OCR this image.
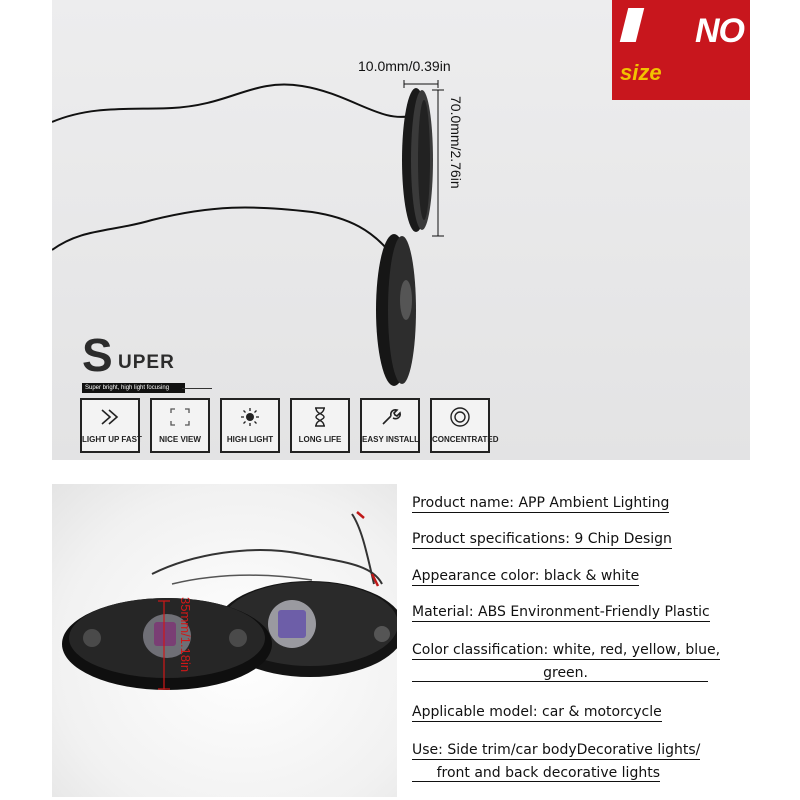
NO
size
10.0mm/0.39in
70.0mm/2.76in
S UPER
Super bright, high light focusing
LIGHT UP FAST	NICE VIEW	HIGH LIGHT	LONG LIFE	EASY INSTALL CONCENTRATED
35mm/1.18in
Product name: APP Ambient Lighting
Product specifications: 9 Chip Design
Appearance color: black & white
Material: ABS Environment-Friendly Plastic
Color classification: white, red, yellow, blue,
green.
Applicable model: car & motorcycle
Use: Side trim/car bodyDecorative lights/
front and back decorative lights
